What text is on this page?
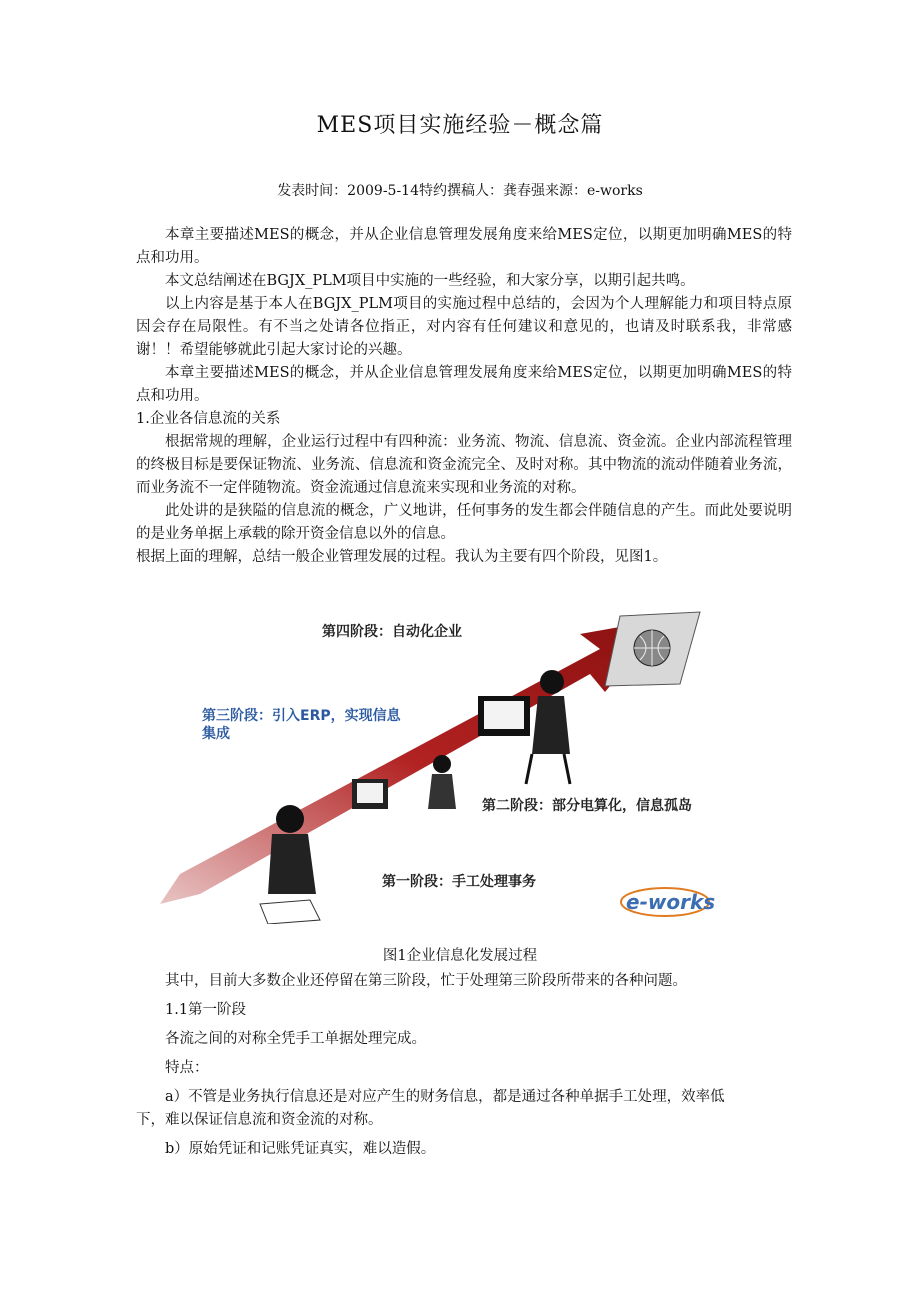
MES项目实施经验－概念篇
发表时间：2009-5-14特约撰稿人：龚春强来源：e-works

本章主要描述MES的概念，并从企业信息管理发展角度来给MES定位，以期更加明确MES的特点和功用。

本文总结阐述在BGJX_PLM项目中实施的一些经验，和大家分享，以期引起共鸣。

以上内容是基于本人在BGJX_PLM项目的实施过程中总结的，会因为个人理解能力和项目特点原因会存在局限性。有不当之处请各位指正，对内容有任何建议和意见的，也请及时联系我，非常感谢！！希望能够就此引起大家讨论的兴趣。

本章主要描述MES的概念，并从企业信息管理发展角度来给MES定位，以期更加明确MES的特点和功用。

1.企业各信息流的关系

根据常规的理解，企业运行过程中有四种流：业务流、物流、信息流、资金流。企业内部流程管理的终极目标是要保证物流、业务流、信息流和资金流完全、及时对称。其中物流的流动伴随着业务流，而业务流不一定伴随物流。资金流通过信息流来实现和业务流的对称。

此处讲的是狭隘的信息流的概念，广义地讲，任何事务的发生都会伴随信息的产生。而此处要说明的是业务单据上承载的除开资金信息以外的信息。

根据上面的理解，总结一般企业管理发展的过程。我认为主要有四个阶段，见图1。

第四阶段：自动化企业
第三阶段：引入ERP，实现信息
集成
第二阶段：部分电算化，信息孤岛
第一阶段：手工处理事务
e-works
图1企业信息化发展过程

其中，目前大多数企业还停留在第三阶段，忙于处理第三阶段所带来的各种问题。

1.1第一阶段

各流之间的对称全凭手工单据处理完成。

特点：

a）不管是业务执行信息还是对应产生的财务信息，都是通过各种单据手工处理，效率低

下，难以保证信息流和资金流的对称。

b）原始凭证和记账凭证真实，难以造假。
